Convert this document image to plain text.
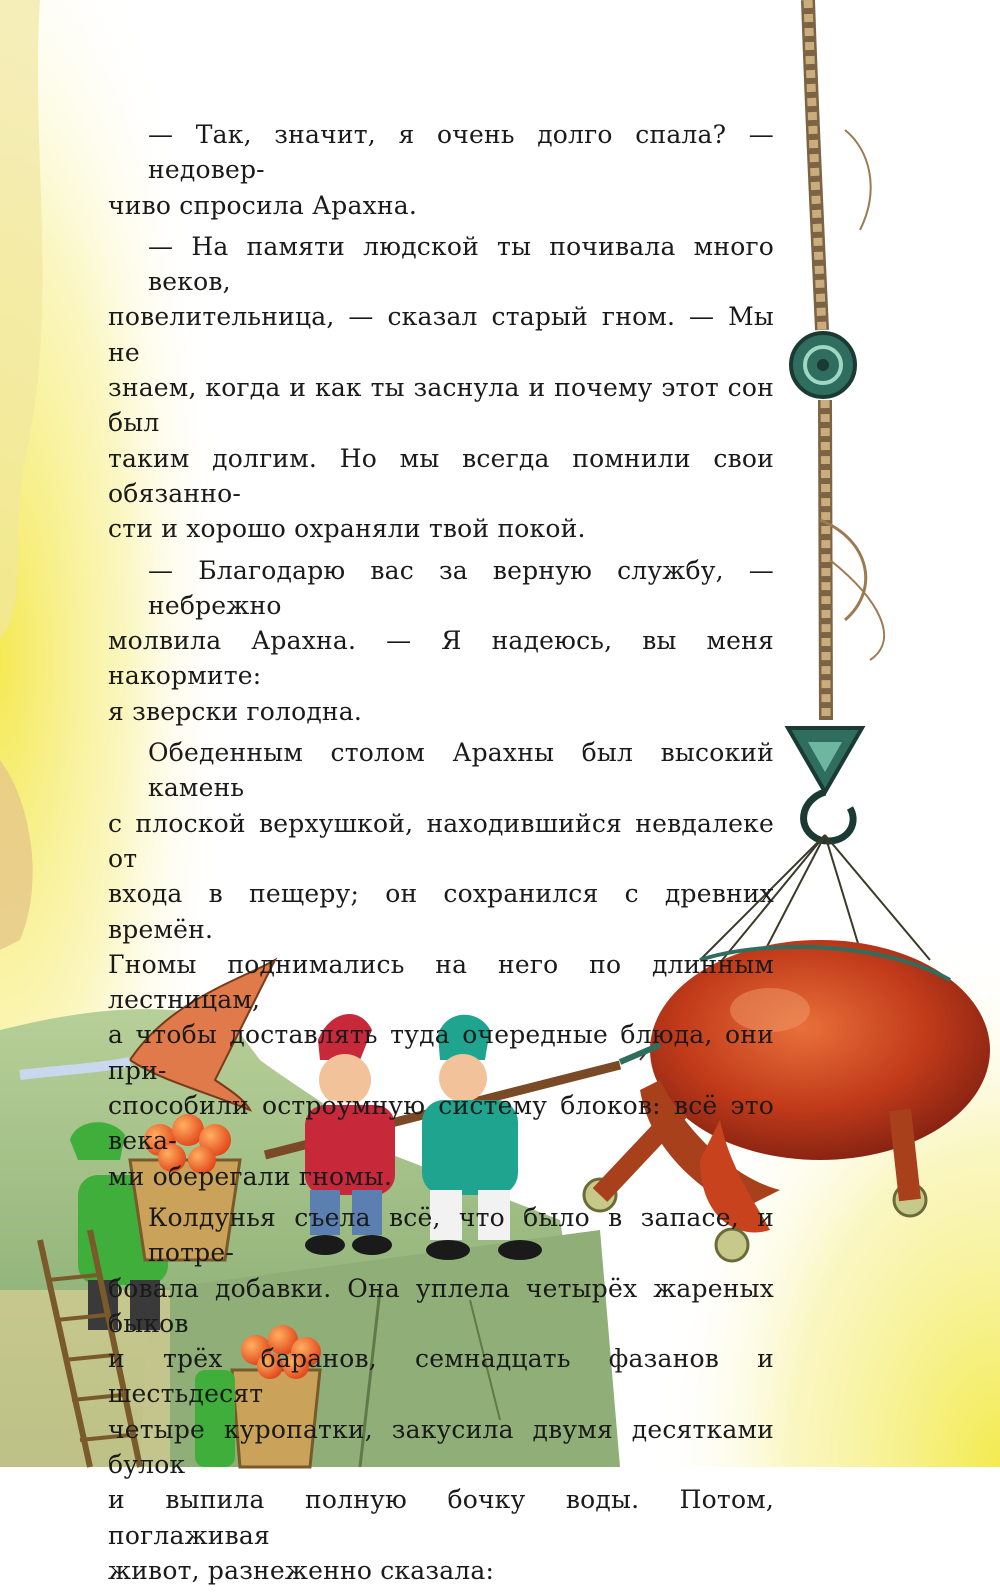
— Так, значит, я очень долго спала? — недовер-
чиво спросила Арахна.
— На памяти людской ты почивала много веков,
повелительница, — сказал старый гном. — Мы не
знаем, когда и как ты заснула и почему этот сон был
таким долгим. Но мы всегда помнили свои обязанно-
сти и хорошо охраняли твой покой.
— Благодарю вас за верную службу, — небрежно
молвила Арахна. — Я надеюсь, вы меня накормите:
я зверски голодна.
Обеденным столом Арахны был высокий камень
с плоской верхушкой, находившийся невдалеке от
входа в пещеру; он сохранился с древних времён.
Гномы поднимались на него по длинным лестницам,
а чтобы доставлять туда очередные блюда, они при-
способили остроумную систему блоков: всё это века-
ми оберегали гномы.
Колдунья съела всё, что было в запасе, и потре-
бовала добавки. Она уплела четырёх жареных быков
и трёх баранов, семнадцать фазанов и шестьдесят
четыре куропатки, закусила двумя десятками булок
и выпила полную бочку воды. Потом, поглаживая
живот, разнеженно сказала:
